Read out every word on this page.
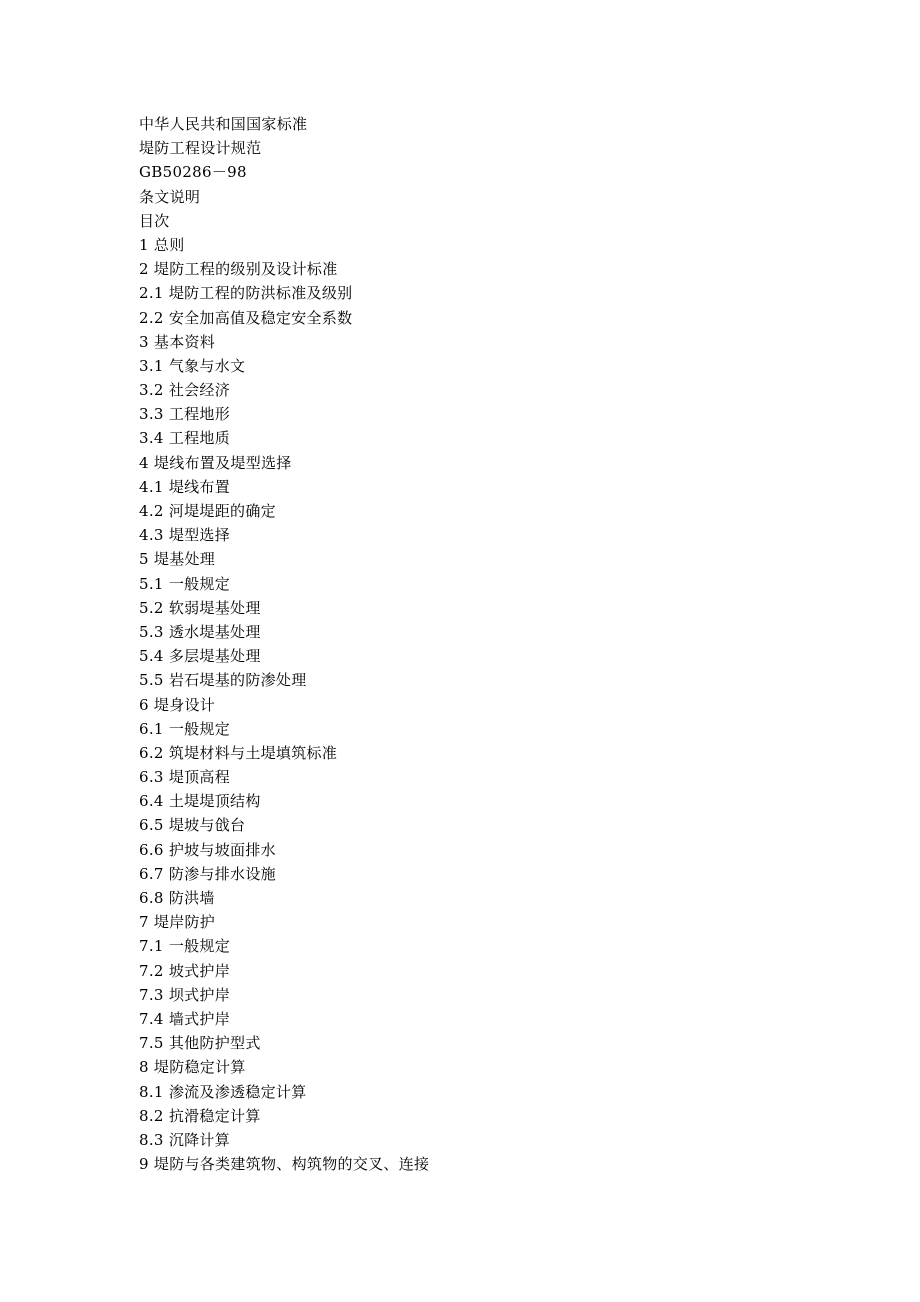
中华人民共和国国家标准
堤防工程设计规范
GB50286－98
条文说明
目次
1 总则
2 堤防工程的级别及设计标准
2.1 堤防工程的防洪标准及级别
2.2 安全加高值及稳定安全系数
3 基本资料
3.1 气象与水文
3.2 社会经济
3.3 工程地形
3.4 工程地质
4 堤线布置及堤型选择
4.1 堤线布置
4.2 河堤堤距的确定
4.3 堤型选择
5 堤基处理
5.1 一般规定
5.2 软弱堤基处理
5.3 透水堤基处理
5.4 多层堤基处理
5.5 岩石堤基的防渗处理
6 堤身设计
6.1 一般规定
6.2 筑堤材料与土堤填筑标准
6.3 堤顶高程
6.4 土堤堤顶结构
6.5 堤坡与戗台
6.6 护坡与坡面排水
6.7 防渗与排水设施
6.8 防洪墙
7 堤岸防护
7.1 一般规定
7.2 坡式护岸
7.3 坝式护岸
7.4 墙式护岸
7.5 其他防护型式
8 堤防稳定计算
8.1 渗流及渗透稳定计算
8.2 抗滑稳定计算
8.3 沉降计算
9 堤防与各类建筑物、构筑物的交叉、连接
